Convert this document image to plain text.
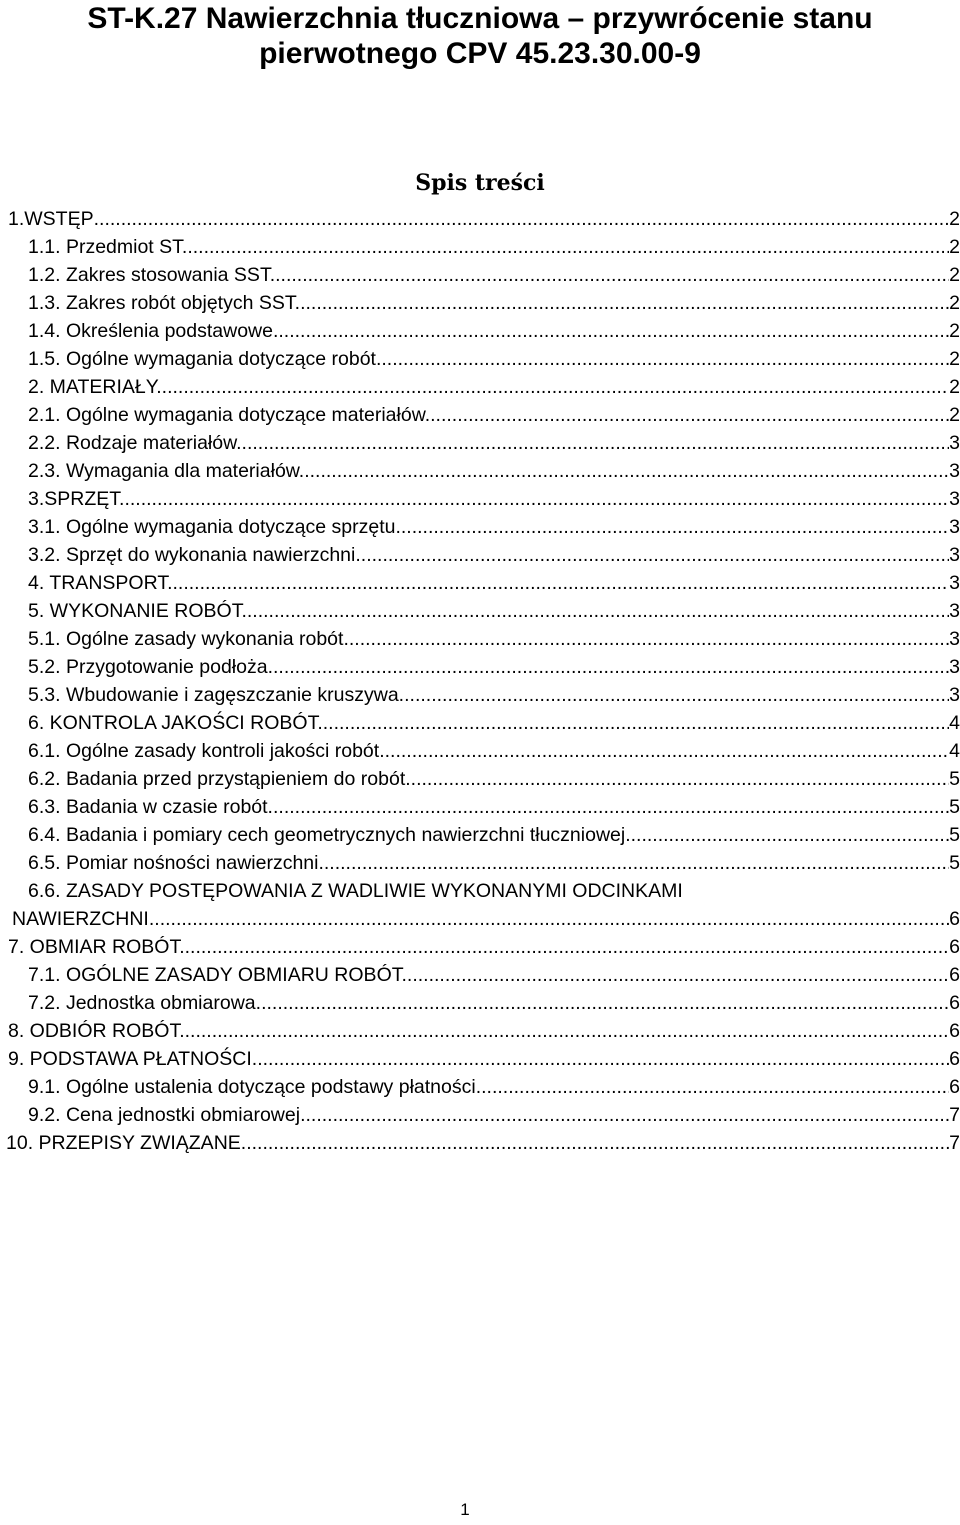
ST-K.27 Nawierzchnia tłuczniowa – przywrócenie stanu
pierwotnego CPV 45.23.30.00-9
Spis treści
1.WSTĘP .....	2
1.1. Przedmiot ST. .....	2
1.2. Zakres stosowania SST. .....	2
1.3. Zakres robót objętych SST. .....	2
1.4. Określenia podstawowe. .....	2
1.5. Ogólne wymagania dotyczące robót. .....	2
2. MATERIAŁY. .....	2
2.1. Ogólne wymagania dotyczące materiałów. .....	2
2.2. Rodzaje materiałów. .....	3
2.3. Wymagania dla materiałów. .....	3
3.SPRZĘT. .....	3
3.1. Ogólne wymagania dotyczące sprzętu. .....	3
3.2. Sprzęt do wykonania nawierzchni. .....	3
4. TRANSPORT. .....	3
5. WYKONANIE ROBÓT. .....	3
5.1. Ogólne zasady wykonania robót. .....	3
5.2. Przygotowanie podłoża. .....	3
5.3. Wbudowanie i zagęszczanie kruszywa. .....	3
6. KONTROLA JAKOŚCI ROBÓT. .....	4
6.1. Ogólne zasady kontroli jakości robót. .....	4
6.2. Badania przed przystąpieniem do robót. .....	5
6.3. Badania w czasie robót. .....	5
6.4. Badania i pomiary cech geometrycznych nawierzchni tłuczniowej. .....	5
6.5. Pomiar nośności nawierzchni. .....	5
6.6. ZASADY POSTĘPOWANIA Z WADLIWIE WYKONANYMI ODCINKAMI
NAWIERZCHNI. .....	6
7. OBMIAR ROBÓT. .....	6
7.1. OGÓLNE ZASADY OBMIARU ROBÓT. .....	6
7.2. Jednostka obmiarowa. .....	6
8. ODBIÓR ROBÓT. .....	6
9. PODSTAWA PŁATNOŚCI. .....	6
9.1. Ogólne ustalenia dotyczące podstawy płatności. .....	6
9.2. Cena jednostki obmiarowej. .....	7
10. PRZEPISY ZWIĄZANE. .....	7
1
